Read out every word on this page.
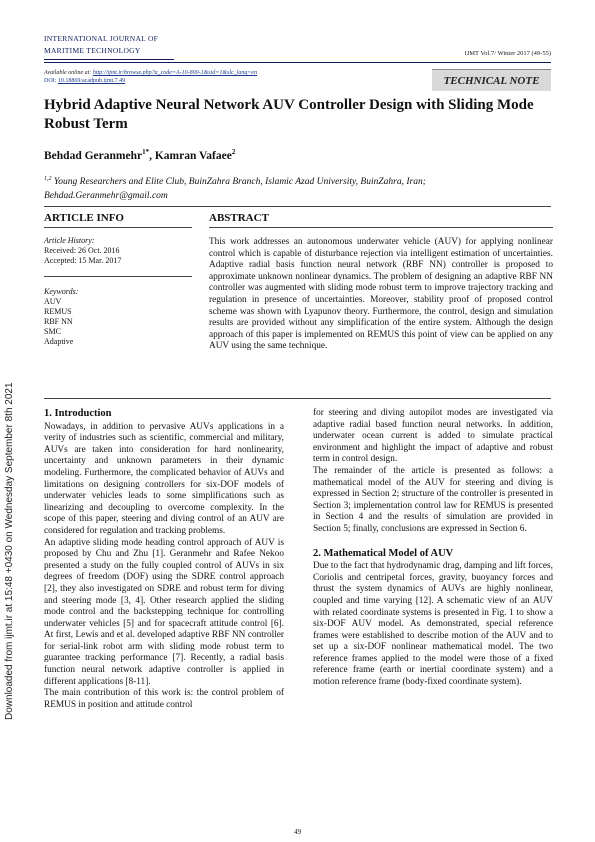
INTERNATIONAL JOURNAL OF
MARITIME TECHNOLOGY	IJMT Vol.7/ Winter 2017 (49-55)
Available online at: http://ijmt.ir/browse.php?a_code=A-10-800-1&sid=1&slc_lang=en
DOI: 10.18869/acadpub.ijmt.7.49	TECHNICAL NOTE
Hybrid Adaptive Neural Network AUV Controller Design with Sliding Mode Robust Term
Behdad Geranmehr$^{1*}$, Kamran Vafaee$^2$
$^{1,2}$ Young Researchers and Elite Club, BuinZahra Branch, Islamic Azad University, BuinZahra, Iran;
Behdad.Geranmehr@gmail.com
ARTICLE INFO
Article History:
Received: 26 Oct. 2016
Accepted: 15 Mar. 2017
Keywords:
AUV
REMUS
RBF NN
SMC
Adaptive
ABSTRACT
This work addresses an autonomous underwater vehicle (AUV) for applying nonlinear control which is capable of disturbance rejection via intelligent estimation of uncertainties. Adaptive radial basis function neural network (RBF NN) controller is proposed to approximate unknown nonlinear dynamics. The problem of designing an adaptive RBF NN controller was augmented with sliding mode robust term to improve trajectory tracking and regulation in presence of uncertainties. Moreover, stability proof of proposed control scheme was shown with Lyapunov theory. Furthermore, the control, design and simulation results are provided without any simplification of the entire system. Although the design approach of this paper is implemented on REMUS this point of view can be applied on any AUV using the same technique.
1. Introduction

Nowadays, in addition to pervasive AUVs applications in a verity of industries such as scientific, commercial and military, AUVs are taken into consideration for hard nonlinearity, uncertainty and unknown parameters in their dynamic modeling. Furthermore, the complicated behavior of AUVs and limitations on designing controllers for six-DOF models of underwater vehicles leads to some simplifications such as linearizing and decoupling to overcome complexity. In the scope of this paper, steering and diving control of an AUV are considered for regulation and tracking problems.

An adaptive sliding mode heading control approach of AUV is proposed by Chu and Zhu [1]. Geranmehr and Rafee Nekoo presented a study on the fully coupled control of AUVs in six degrees of freedom (DOF) using the SDRE control approach [2], they also investigated on SDRE and robust term for diving and steering mode [3, 4]. Other research applied the sliding mode control and the backstepping technique for controlling underwater vehicles [5] and for spacecraft attitude control [6]. At first, Lewis and et al. developed adaptive RBF NN controller for serial-link robot arm with sliding mode robust term to guarantee tracking performance [7]. Recently, a radial basis function neural network adaptive controller is applied in different applications [8-11].

The main contribution of this work is: the control problem of REMUS in position and attitude control

for steering and diving autopilot modes are investigated via adaptive radial based function neural networks. In addition, underwater ocean current is added to simulate practical environment and highlight the impact of adaptive and robust term in control design.

The remainder of the article is presented as follows: a mathematical model of the AUV for steering and diving is expressed in Section 2; structure of the controller is presented in Section 3; implementation control law for REMUS is presented in Section 4 and the results of simulation are provided in Section 5; finally, conclusions are expressed in Section 6.

2. Mathematical Model of AUV

Due to the fact that hydrodynamic drag, damping and lift forces, Coriolis and centripetal forces, gravity, buoyancy forces and thrust the system dynamics of AUVs are highly nonlinear, coupled and time varying [12]. A schematic view of an AUV with related coordinate systems is presented in Fig. 1 to show a six-DOF AUV model. As demonstrated, special reference frames were established to describe motion of the AUV and to set up a six-DOF nonlinear mathematical model. The two reference frames applied to the model were those of a fixed reference frame (earth or inertial coordinate system) and a motion reference frame (body-fixed coordinate system).

49
Downloaded from ijmt.ir at 15:48 +0430 on Wednesday September 8th 2021
